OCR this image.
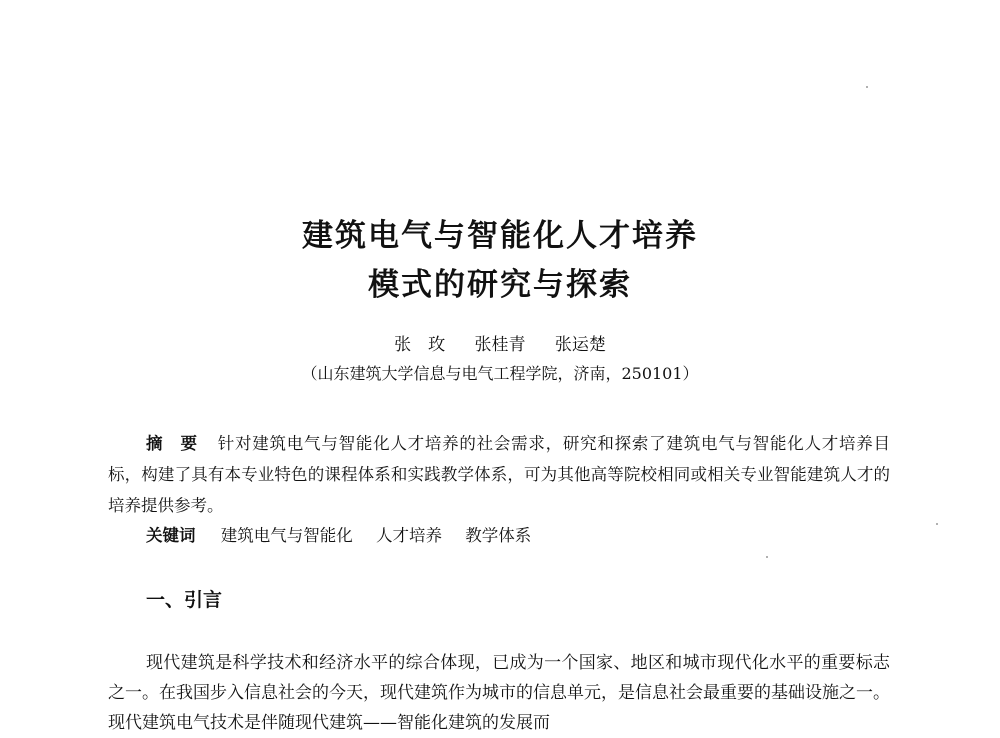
建筑电气与智能化人才培养
模式的研究与探索
张　玫 张桂青 张运楚
（山东建筑大学信息与电气工程学院，济南，250101）
摘　要 针对建筑电气与智能化人才培养的社会需求，研究和探索了建筑电气与智能化人才培养目标，构建了具有本专业特色的课程体系和实践教学体系，可为其他高等院校相同或相关专业智能建筑人才的培养提供参考。
关键词 建筑电气与智能化 人才培养 教学体系
一、引言
现代建筑是科学技术和经济水平的综合体现，已成为一个国家、地区和城市现代化水平的重要标志之一。在我国步入信息社会的今天，现代建筑作为城市的信息单元，是信息社会最重要的基础设施之一。现代建筑电气技术是伴随现代建筑——智能化建筑的发展而
